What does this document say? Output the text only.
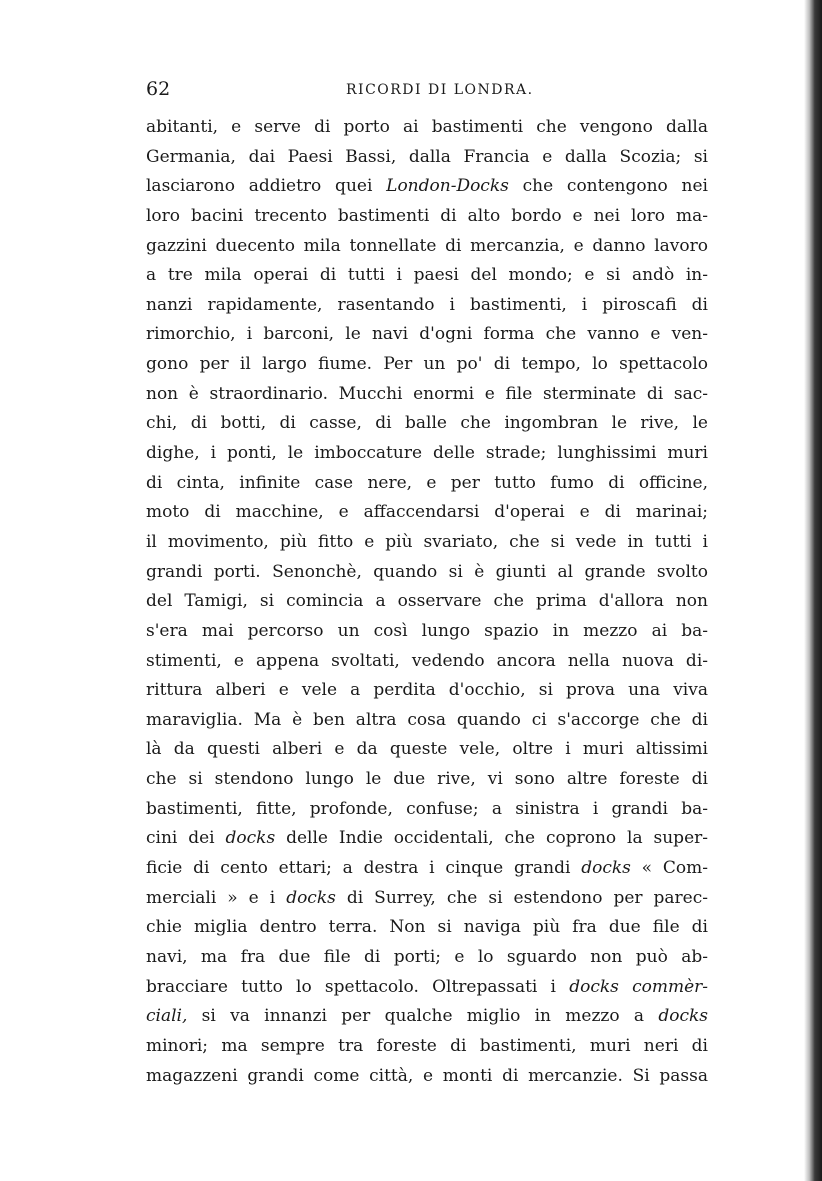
62	RICORDI DI LONDRA.
abitanti, e serve di porto ai bastimenti che vengono dalla
Germania, dai Paesi Bassi, dalla Francia e dalla Scozia; si
lasciarono addietro quei London-Docks che contengono nei
loro bacini trecento bastimenti di alto bordo e nei loro ma-
gazzini duecento mila tonnellate di mercanzia, e danno lavoro
a tre mila operai di tutti i paesi del mondo; e si andò in-
nanzi rapidamente, rasentando i bastimenti, i piroscafi di
rimorchio, i barconi, le navi d'ogni forma che vanno e ven-
gono per il largo fiume. Per un po' di tempo, lo spettacolo
non è straordinario. Mucchi enormi e file sterminate di sac-
chi, di botti, di casse, di balle che ingombran le rive, le
dighe, i ponti, le imboccature delle strade; lunghissimi muri
di cinta, infinite case nere, e per tutto fumo di officine,
moto di macchine, e affaccendarsi d'operai e di marinai;
il movimento, più fitto e più svariato, che si vede in tutti i
grandi porti. Senonchè, quando si è giunti al grande svolto
del Tamigi, si comincia a osservare che prima d'allora non
s'era mai percorso un così lungo spazio in mezzo ai ba-
stimenti, e appena svoltati, vedendo ancora nella nuova di-
rittura alberi e vele a perdita d'occhio, si prova una viva
maraviglia. Ma è ben altra cosa quando ci s'accorge che di
là da questi alberi e da queste vele, oltre i muri altissimi
che si stendono lungo le due rive, vi sono altre foreste di
bastimenti, fitte, profonde, confuse; a sinistra i grandi ba-
cini dei docks delle Indie occidentali, che coprono la super-
ficie di cento ettari; a destra i cinque grandi docks « Com-
merciali » e i docks di Surrey, che si estendono per parec-
chie miglia dentro terra. Non si naviga più fra due file di
navi, ma fra due file di porti; e lo sguardo non può ab-
bracciare tutto lo spettacolo. Oltrepassati i docks commèr-
ciali, si va innanzi per qualche miglio in mezzo a docks
minori; ma sempre tra foreste di bastimenti, muri neri di
magazzeni grandi come città, e monti di mercanzie. Si passa
